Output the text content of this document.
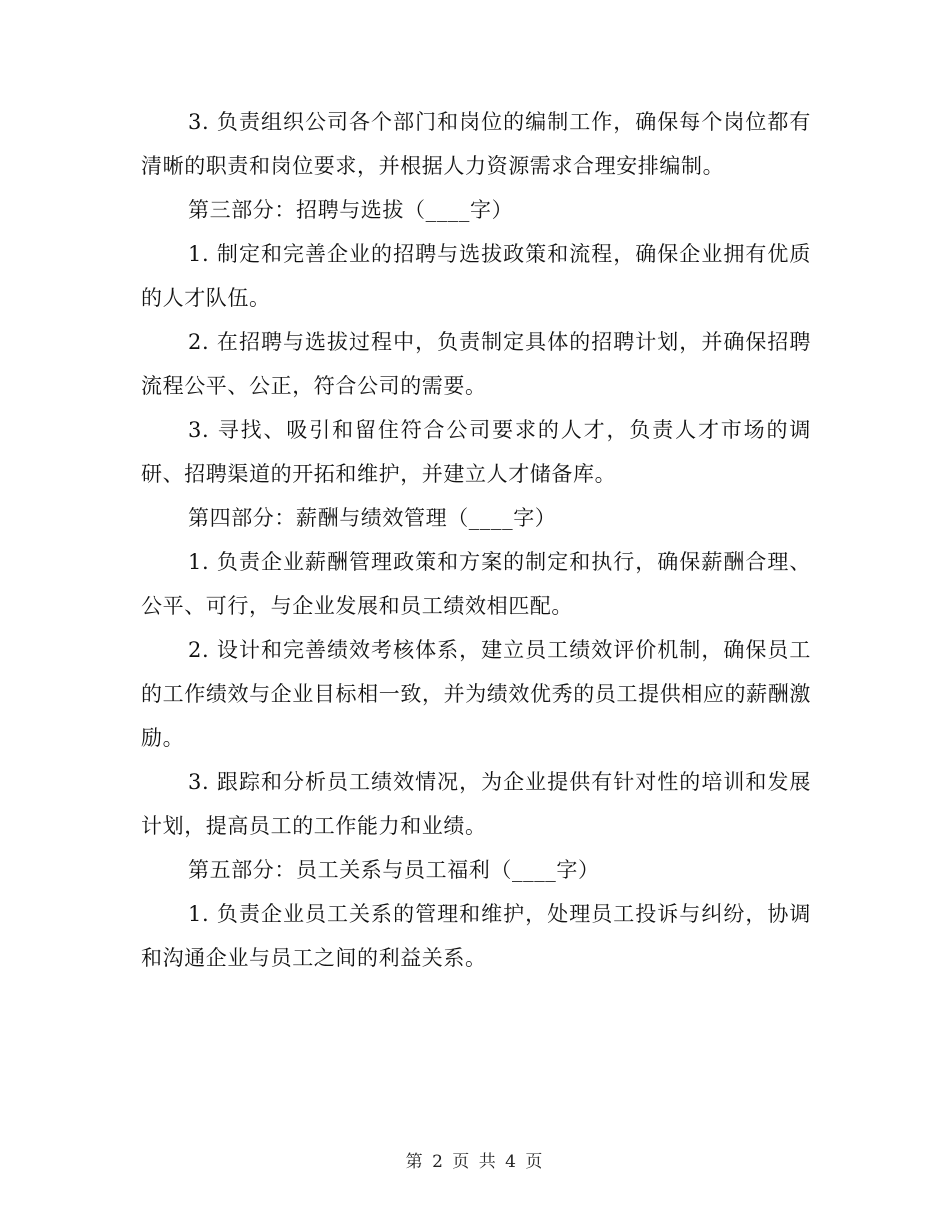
3. 负责组织公司各个部门和岗位的编制工作，确保每个岗位都有清晰的职责和岗位要求，并根据人力资源需求合理安排编制。

第三部分：招聘与选拔（____字）

1. 制定和完善企业的招聘与选拔政策和流程，确保企业拥有优质的人才队伍。

2. 在招聘与选拔过程中，负责制定具体的招聘计划，并确保招聘流程公平、公正，符合公司的需要。

3. 寻找、吸引和留住符合公司要求的人才，负责人才市场的调研、招聘渠道的开拓和维护，并建立人才储备库。

第四部分：薪酬与绩效管理（____字）

1. 负责企业薪酬管理政策和方案的制定和执行，确保薪酬合理、公平、可行，与企业发展和员工绩效相匹配。

2. 设计和完善绩效考核体系，建立员工绩效评价机制，确保员工的工作绩效与企业目标相一致，并为绩效优秀的员工提供相应的薪酬激励。

3. 跟踪和分析员工绩效情况，为企业提供有针对性的培训和发展计划，提高员工的工作能力和业绩。

第五部分：员工关系与员工福利（____字）

1. 负责企业员工关系的管理和维护，处理员工投诉与纠纷，协调和沟通企业与员工之间的利益关系。

第 2 页 共 4 页
